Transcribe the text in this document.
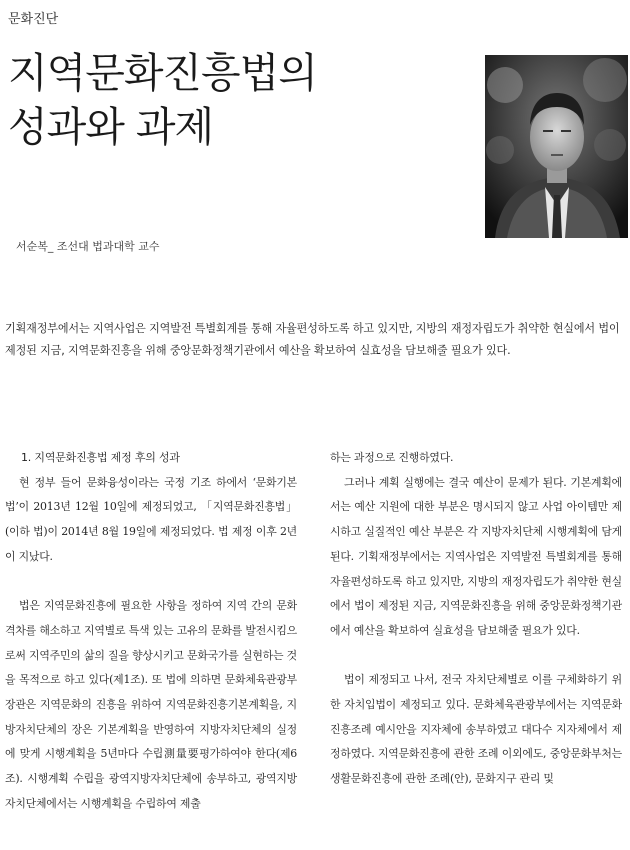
문화진단
지역문화진흥법의
성과와 과제
서순복_ 조선대 법과대학 교수
기획재정부에서는 지역사업은 지역발전 특별회계를 통해 자율편성하도록 하고 있지만, 지방의 재정자립도가 취약한 현실에서 법이 제정된 지금, 지역문화진흥을 위해 중앙문화정책기관에서 예산을 확보하여 실효성을 담보해줄 필요가 있다.
1. 지역문화진흥법 제정 후의 성과

현 정부 들어 문화융성이라는 국정 기조 하에서 ‘문화기본법’이 2013년 12월 10일에 제정되었고, 「지역문화진흥법」(이하 법)이 2014년 8월 19일에 제정되었다. 법 제정 이후 2년이 지났다.

법은 지역문화진흥에 필요한 사항을 정하여 지역 간의 문화 격차를 해소하고 지역별로 특색 있는 고유의 문화를 발전시킴으로써 지역주민의 삶의 질을 향상시키고 문화국가를 실현하는 것을 목적으로 하고 있다(제1조). 또 법에 의하면 문화체육관광부 장관은 지역문화의 진흥을 위하여 지역문화진흥기본계획을, 지방자치단체의 장은 기본계획을 반영하여 지방자치단체의 실정에 맞게 시행계획을 5년마다 수립測量要평가하여야 한다(제6조). 시행계획 수립을 광역지방자치단체에 송부하고, 광역지방자치단체에서는 시행계획을 수립하여 제출

하는 과정으로 진행하였다.

그러나 계획 실행에는 결국 예산이 문제가 된다. 기본계획에서는 예산 지원에 대한 부분은 명시되지 않고 사업 아이템만 제시하고 실질적인 예산 부분은 각 지방자치단체 시행계획에 담게 된다. 기획재정부에서는 지역사업은 지역발전 특별회계를 통해 자율편성하도록 하고 있지만, 지방의 재정자립도가 취약한 현실에서 법이 제정된 지금, 지역문화진흥을 위해 중앙문화정책기관에서 예산을 확보하여 실효성을 담보해줄 필요가 있다.

법이 제정되고 나서, 전국 자치단체별로 이를 구체화하기 위한 자치입법이 제정되고 있다. 문화체육관광부에서는 지역문화진흥조례 예시안을 지자체에 송부하였고 대다수 지자체에서 제정하였다. 지역문화진흥에 관한 조례 이외에도, 중앙문화부처는 생활문화진흥에 관한 조례(안), 문화지구 관리 및
